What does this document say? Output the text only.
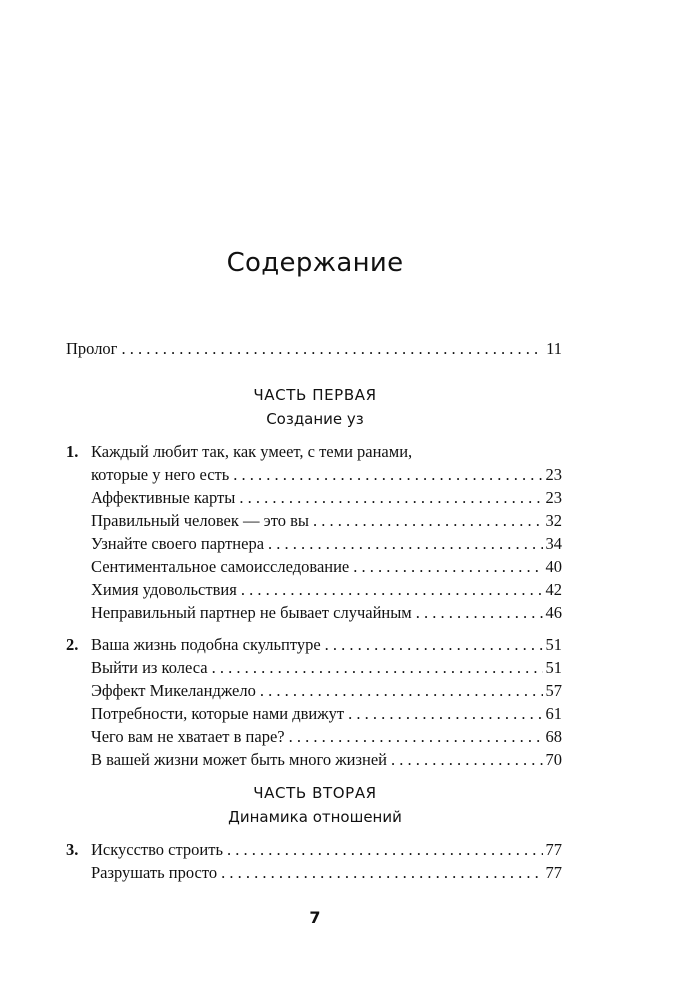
Содержание
Пролог . . .	11
ЧАСТЬ ПЕРВАЯ
Создание уз
1. Каждый любит так, как умеет, с теми ранами,
которые у него есть . . .	23
Аффективные карты . . .	23
Правильный человек — это вы . . .	32
Узнайте своего партнера . . .	34
Сентиментальное самоисследование . . .	40
Химия удовольствия . . .	42
Неправильный партнер не бывает случайным . . .	46
2. Ваша жизнь подобна скульптуре . . .	51
Выйти из колеса . . .	51
Эффект Микеланджело . . .	57
Потребности, которые нами движут . . .	61
Чего вам не хватает в паре? . . .	68
В вашей жизни может быть много жизней . . .	70
ЧАСТЬ ВТОРАЯ
Динамика отношений
3. Искусство строить . . .	77
Разрушать просто . . .	77
7
